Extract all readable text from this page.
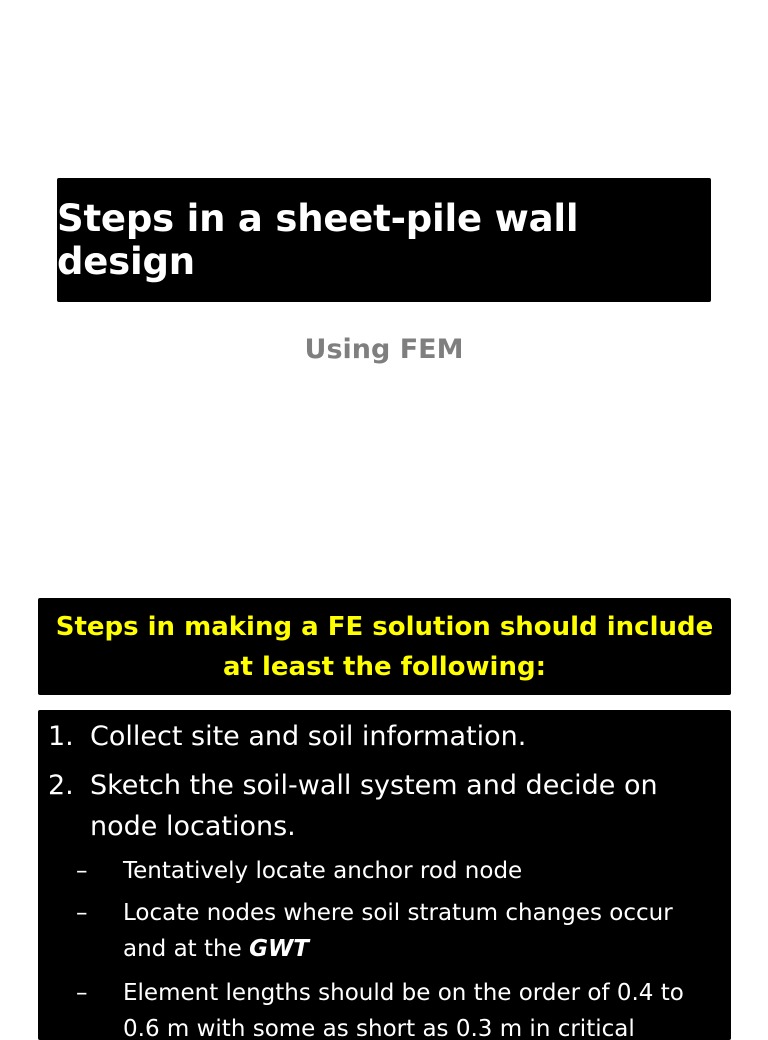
Steps in a sheet-pile wall design
Using FEM
Steps in making a FE solution should include at least the following:
1. Collect site and soil information.
2. Sketch the soil-wall system and decide on node locations.
–	Tentatively locate anchor rod node
–	Locate nodes where soil stratum changes occur and at the GWT
–	Element lengths should be on the order of 0.4 to 0.6 m with some as short as 0.3 m in critical
